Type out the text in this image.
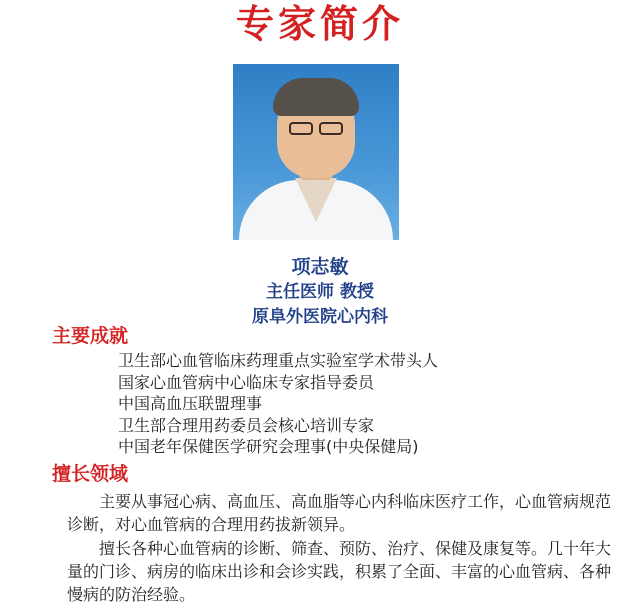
专家简介
项志敏
主任医师 教授
原阜外医院心内科
主要成就
卫生部心血管临床药理重点实验室学术带头人
国家心血管病中心临床专家指导委员
中国高血压联盟理事
卫生部合理用药委员会核心培训专家
中国老年保健医学研究会理事(中央保健局)
擅长领域

主要从事冠心病、高血压、高血脂等心内科临床医疗工作，心血管病规范诊断，对心血管病的合理用药拔新领异。

擅长各种心血管病的诊断、筛查、预防、治疗、保健及康复等。几十年大量的门诊、病房的临床出诊和会诊实践，积累了全面、丰富的心血管病、各种慢病的防治经验。
